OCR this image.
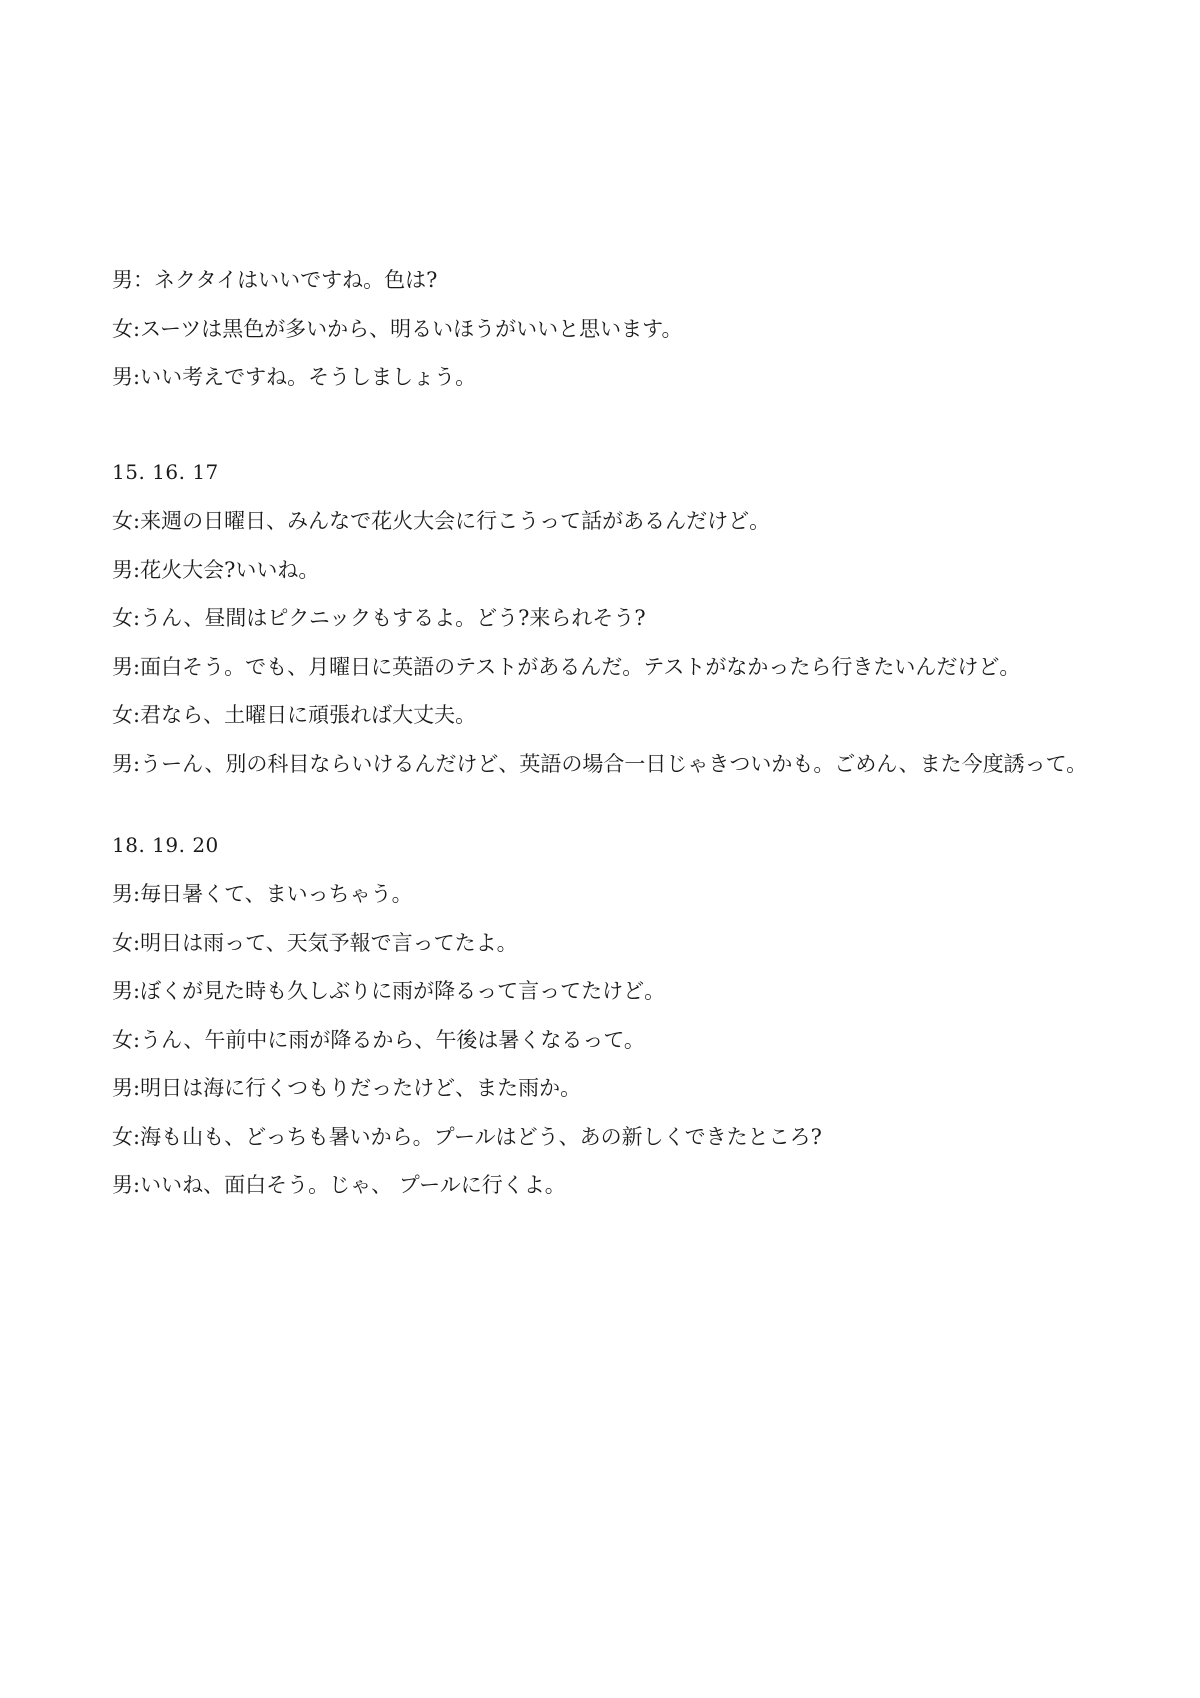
男：ネクタイはいいですね。色は?

女:スーツは黒色が多いから、明るいほうがいいと思います。

男:いい考えですね。そうしましょう。

15. 16. 17

女:来週の日曜日、みんなで花火大会に行こうって話があるんだけど。

男:花火大会?いいね。

女:うん、昼間はピクニックもするよ。どう?来られそう?

男:面白そう。でも、月曜日に英語のテストがあるんだ。テストがなかったら行きたいんだけど。

女:君なら、土曜日に頑張れば大丈夫。

男:うーん、別の科目ならいけるんだけど、英語の場合一日じゃきついかも。ごめん、また今度誘って。

18. 19. 20

男:毎日暑くて、まいっちゃう。

女:明日は雨って、天気予報で言ってたよ。

男:ぼくが見た時も久しぶりに雨が降るって言ってたけど。

女:うん、午前中に雨が降るから、午後は暑くなるって。

男:明日は海に行くつもりだったけど、また雨か。

女:海も山も、どっちも暑いから。プールはどう、あの新しくできたところ?

男:いいね、面白そう。じゃ、 プールに行くよ。
